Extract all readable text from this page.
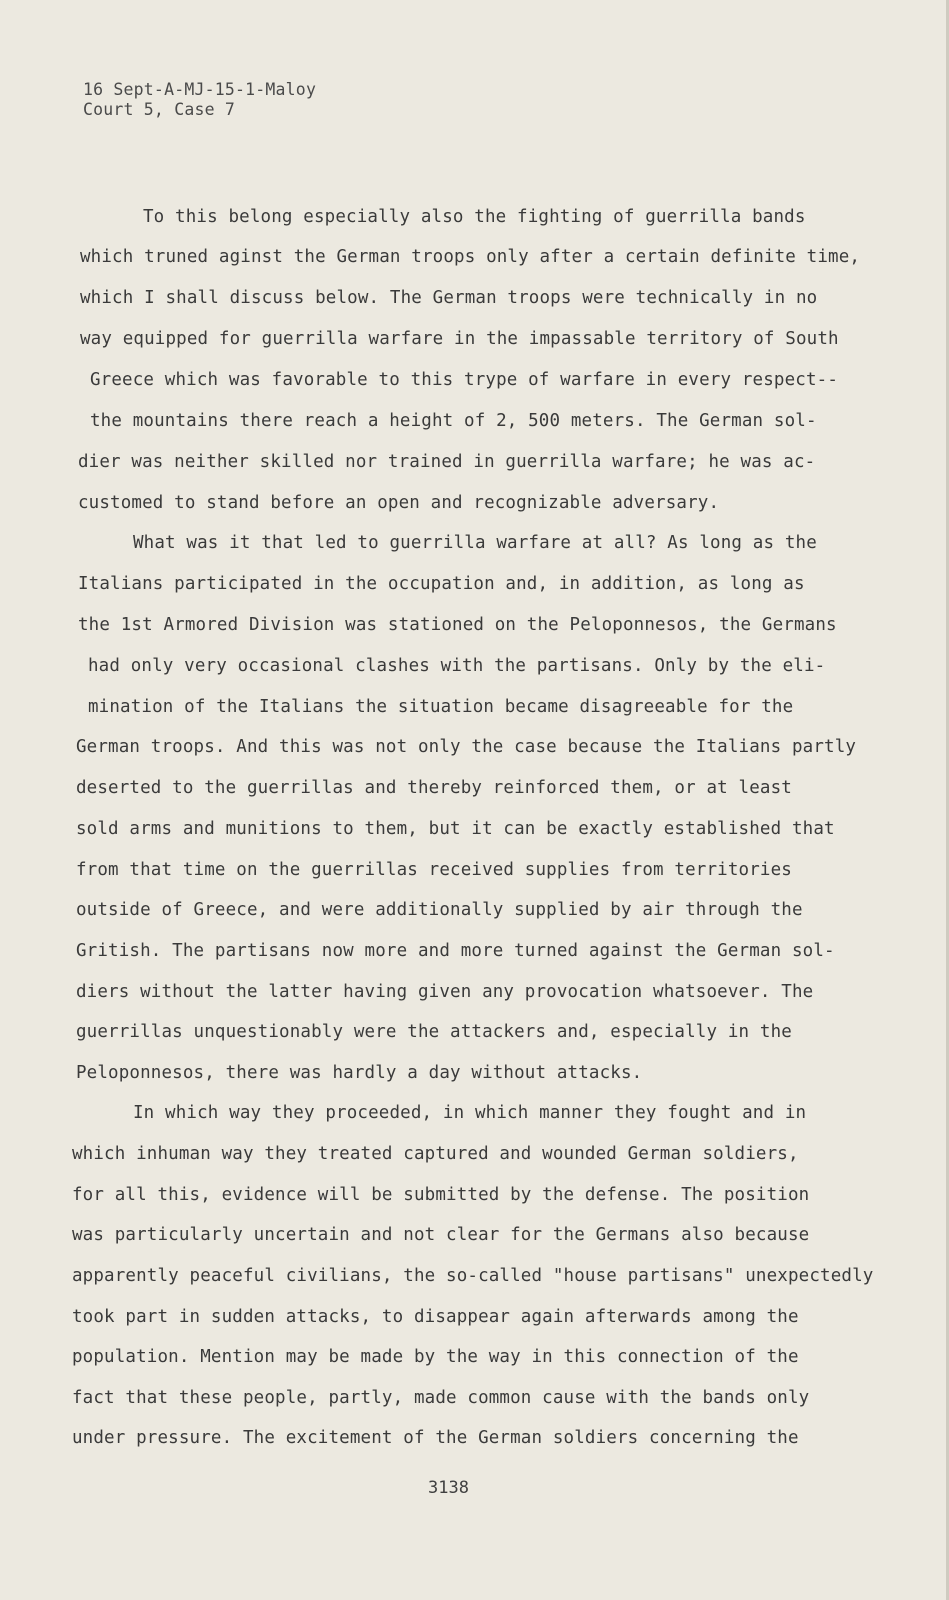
16 Sept-A-MJ-15-1-Maloy
Court 5, Case 7
To this belong especially also the fighting of guerrilla bands
which truned aginst the German troops only after a certain definite time,
which I shall discuss below. The German troops were technically in no
way equipped for guerrilla warfare in the impassable territory of South
Greece which was favorable to this trype of warfare in every respect--
the mountains there reach a height of 2, 500 meters. The German sol-
dier was neither skilled nor trained in guerrilla warfare; he was ac-
customed to stand before an open and recognizable adversary.
What was it that led to guerrilla warfare at all? As long as the
Italians participated in the occupation and, in addition, as long as
the 1st Armored Division was stationed on the Peloponnesos, the Germans
had only very occasional clashes with the partisans. Only by the eli-
mination of the Italians the situation became disagreeable for the
German troops. And this was not only the case because the Italians partly
deserted to the guerrillas and thereby reinforced them, or at least
sold arms and munitions to them, but it can be exactly established that
from that time on the guerrillas received supplies from territories
outside of Greece, and were additionally supplied by air through the
Gritish. The partisans now more and more turned against the German sol-
diers without the latter having given any provocation whatsoever. The
guerrillas unquestionably were the attackers and, especially in the
Peloponnesos, there was hardly a day without attacks.
In which way they proceeded, in which manner they fought and in
which inhuman way they treated captured and wounded German soldiers,
for all this, evidence will be submitted by the defense. The position
was particularly uncertain and not clear for the Germans also because
apparently peaceful civilians, the so-called "house partisans" unexpectedly
took part in sudden attacks, to disappear again afterwards among the
population. Mention may be made by the way in this connection of the
fact that these people, partly, made common cause with the bands only
under pressure. The excitement of the German soldiers concerning the
3138
